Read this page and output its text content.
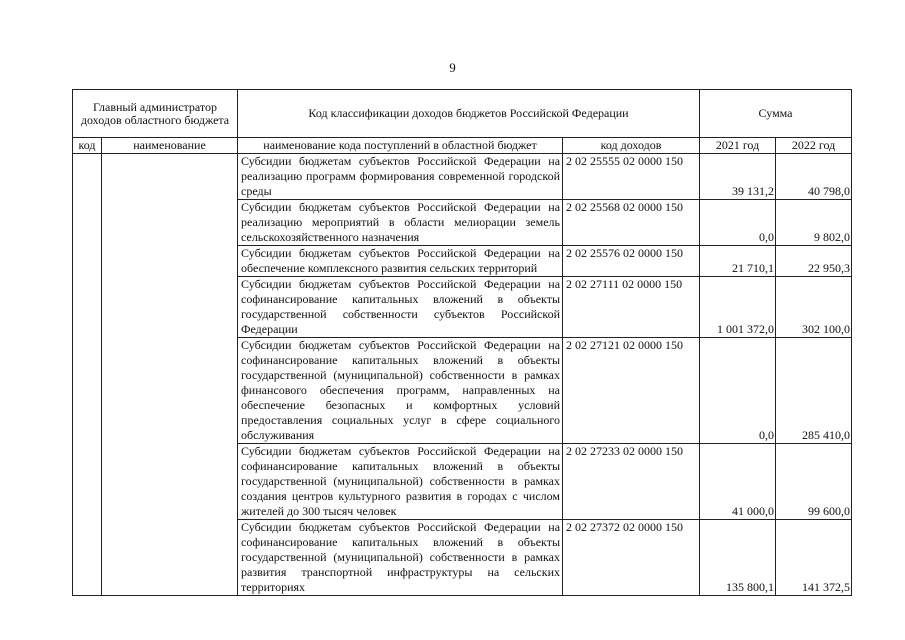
9
Главный администратор доходов областного бюджета		Код классификации доходов бюджетов Российской Федерации		Сумма	
код	наименование	наименование кода поступлений в областной бюджет	код доходов	2021 год	2022 год
		Субсидии бюджетам субъектов Российской Федерации на реализацию программ формирования современной городской среды	2 02 25555 02 0000 150	39 131,2	40 798,0
		Субсидии бюджетам субъектов Российской Федерации на реализацию мероприятий в области мелиорации земель сельскохозяйственного назначения	2 02 25568 02 0000 150	0,0	9 802,0
		Субсидии бюджетам субъектов Российской Федерации на обеспечение комплексного развития сельских территорий	2 02 25576 02 0000 150	21 710,1	22 950,3
		Субсидии бюджетам субъектов Российской Федерации на софинансирование капитальных вложений в объекты государственной собственности субъектов Российской Федерации	2 02 27111 02 0000 150	1 001 372,0	302 100,0
		Субсидии бюджетам субъектов Российской Федерации на софинансирование капитальных вложений в объекты государственной (муниципальной) собственности в рамках финансового обеспечения программ, направленных на обеспечение безопасных и комфортных условий предоставления социальных услуг в сфере социального обслуживания	2 02 27121 02 0000 150	0,0	285 410,0
		Субсидии бюджетам субъектов Российской Федерации на софинансирование капитальных вложений в объекты государственной (муниципальной) собственности в рамках создания центров культурного развития в городах с числом жителей до 300 тысяч человек	2 02 27233 02 0000 150	41 000,0	99 600,0
		Субсидии бюджетам субъектов Российской Федерации на софинансирование капитальных вложений в объекты государственной (муниципальной) собственности в рамках развития транспортной инфраструктуры на сельских территориях	2 02 27372 02 0000 150	135 800,1	141 372,5
